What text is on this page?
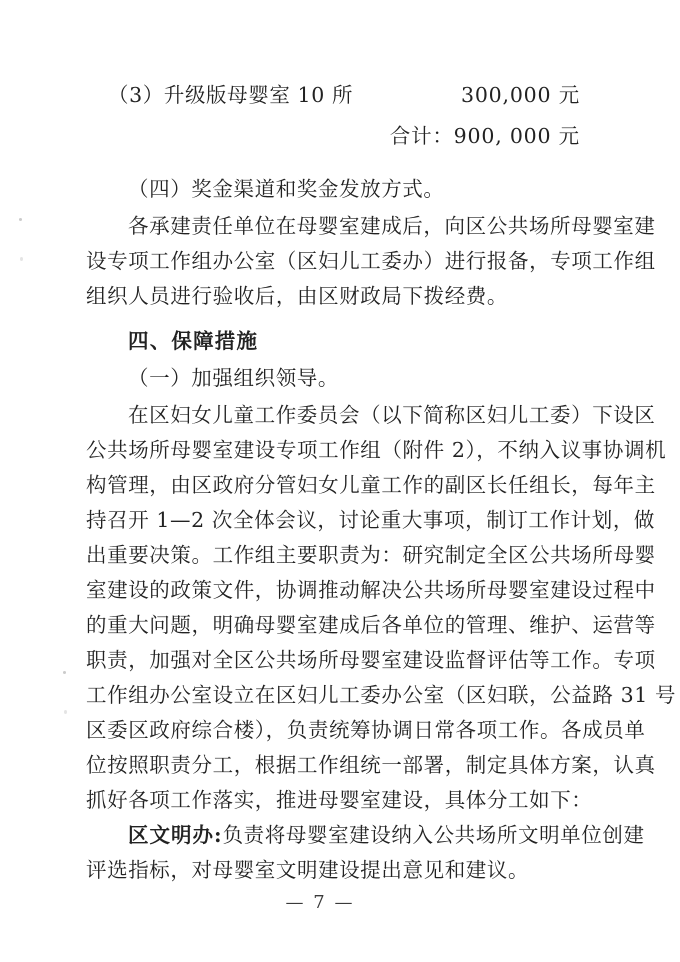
（3）升级版母婴室 10 所	300,000 元
合计：900, 000 元
（四）奖金渠道和奖金发放方式。
各承建责任单位在母婴室建成后，向区公共场所母婴室建
设专项工作组办公室（区妇儿工委办）进行报备，专项工作组
组织人员进行验收后，由区财政局下拨经费。
四、保障措施
（一）加强组织领导。
在区妇女儿童工作委员会（以下简称区妇儿工委）下设区
公共场所母婴室建设专项工作组（附件 2），不纳入议事协调机
构管理，由区政府分管妇女儿童工作的副区长任组长，每年主
持召开 1—2 次全体会议，讨论重大事项，制订工作计划，做
出重要决策。工作组主要职责为：研究制定全区公共场所母婴
室建设的政策文件，协调推动解决公共场所母婴室建设过程中
的重大问题，明确母婴室建成后各单位的管理、维护、运营等
职责，加强对全区公共场所母婴室建设监督评估等工作。专项
工作组办公室设立在区妇儿工委办公室（区妇联，公益路 31 号
区委区政府综合楼），负责统筹协调日常各项工作。各成员单
位按照职责分工，根据工作组统一部署，制定具体方案，认真
抓好各项工作落实，推进母婴室建设，具体分工如下：
区文明办:负责将母婴室建设纳入公共场所文明单位创建
评选指标，对母婴室文明建设提出意见和建议。
— 7 —
